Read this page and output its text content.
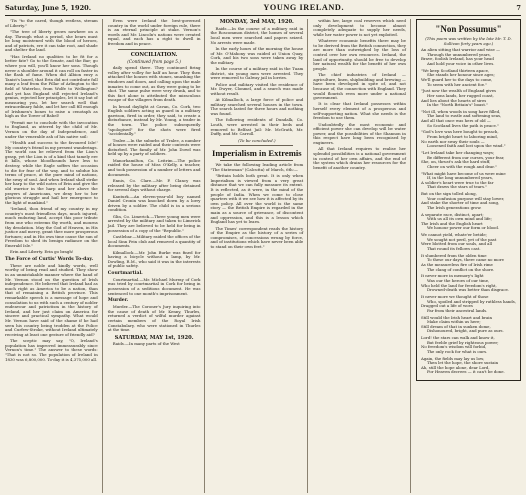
Saturday, June 5, 1920.	YOUNG IRELAND.	7

'Tis "to the cared, though restless, stream of Liberty."

"The tree of liberty grows nowhere on a day. Through what a period, she bears must be long moistened with the blood of heroes, and of patriots, ere it can take root, and shade and shelter the land.

"Has Ireland no qualities to be fit for a better fate? Go to the Senate, and the Bar; go where you will, you'll know her sons. Though never a shoulder around it can roll on faster in the flash of fame. When did Albion envy a Tanist's laurel, that Erin did not contribute full many a leaf from the Pillar of Arlington to the field of Waterloo, from Wolfe to Wellington? And yet has England still rejected Ireland's genius, rejected her principles, let it say but of measuring you, let her search well that extraordinary fable, and let her call fill enough of Irishmen's bones to raise a cenotaph as high as the Tower of Babel!

"Permit me to conclude with the invocation to England, as uttered by the child of Mr. Vernon on the day of Independence, and under the venerable ash of his native soil:

"'Health and success to the favoured Isle!' My country's friend in my present wanderings. The world can be relieved from the Lion's grasp, yet the Lion is of a kind that tamely ere it kills, whose bloodhounds have less to destroy, while the Eagle soffers the occasion to die for fear of the way, and to subdue his terms of peace, at the pure mind of nations, the sway of soul. And when Ireland shall strike her harp to the wild notes of Erin and give the old warrior in the harp and her above the prayers of Americans, we deny her to her glorious struggle and hail her emergence to the light of mankind."

"Ireland, thou friend of my country in my country's most friendless days, much injured, much enduring land, accept this poor tribute from one who esteems thy worth, and mourns thy desolation. May the God of Heaven, in His justice and mercy, grant thee more prosperous fortunes; and in His own time cause the sun of Freedom to shed its benign radiance on the Emerald Isle."

Erin and Liberty. Erin go bragh!

The Force of Curtis' Words To-day.

These are noble and kindly words, well worthy of being read and studied. They show in an unmistakable manner where the hand of Mr. Vernon stood on the question of Irish independence. He believed that Ireland had as much right as America to be a nation, than that of remaining a British province. This remarkable speech is a message of hope and consolation to us with such a century of nobler endeavour and patriotism in the history of Ireland, and her just claim on America for sincere and practical sympathy. What would Mr. Vernon have said of the shame if he had seen his country being trodden at the Police and Curfew-Stroke, without Ireland ultimately receiving at least one gesture of friendly aid?

The sceptic may say, "O, Ireland's population has improved immeasurably since Vernon's time." The answer to these words: "That is not so. The population of Ireland in 1830 was 6,800,000. To-day it is 4,375,000 all.

Even were Ireland the best-governed country in the world under foreign rule, there is an eternal principle at stake. Vernon's words and Mr. Lincoln's nations were created equal, and each has a right to dwell in freedom and in peace.

CONCILIATION.

(Continued from page 5.)

daily spend there. They continued firing volley after volley for half an hour. They then attacked the houses with stones, smashing the windows and doors, and calling upon the male inmates to come out, as they were going to be shot. The same pulse were very drunk, and to this fact alone is attributed the miraculous escape of the villagers from death.

In broad daylight at Cavan, Co. Cork, two English soldiers acting as guard in a military garrison, fired in order, they said, to create a disturbance, instead by Mr. Young, a trader in the town. The police subsequently "apologised" for the shots were fired "accidentally."

Tralee.—In the suburbs of Tralee, a number of houses were raided and their contents were disturbed. The family of Mr. John Dowd was held up by a party of soldiers.

Manorhamilton, Co. Leitrim.—The police raided the house of Miss O'Kelly, a teacher, and took possession of a number of letters and documents.

Ennis, Co. Clare.—Mr. P. Clancy was released by the military after being detained for several days without charge.

Kanturk.—An eleven-year-old boy named Daniel Cronin was knocked down by a lorry driven by a soldier. The child is in a serious condition.

Glin, Co. Limerick.—Three young men were arrested by the military and taken to Limerick Jail. They are believed to be held for being in possession of a copy of the "Republic."

Castlebar.—Military raided the offices of the local Sinn Fein club and removed a quantity of documents.

Kilmallock.—Mr. John Burke was fined for having a bicycle without a lamp, by Mr. Dowling, R.M., who said it was in the interests of public safety.

Courtmartial.

Courtmartial.—Mr. Michael Murray of Cork was tried by courtmartial in Cork for being in possession of a seditious document. He was sentenced to one month's imprisonment.

Murder.

Murder.—The Coroner's Jury inquiring into the cause of death of Mr. Kenny, Thurles, returned a verdict of wilful murder against certain members of the Royal Irish Constabulary, who were stationed in Thurles at the time.

SATURDAY, MAY 1st, 1920.

Raids.—In many parts of the West

MONDAY, 3rd MAY, 1920.

Raids.—In the course of a military raid in the Roscommon district, the homes of several local men were searched and papers seized. No arrests were made.

In the early hours of the morning the house of Mr. O'Mahony was raided at Union Quay, Cork, and his two sons were taken away by the military.

In the course of a military raid in the Tuam district, six young men were arrested. They were removed to Galway jail in lorries.

Police and military visited the residence of Mr. Dwyer, Clonmel, and a search was made without result.

At Kilmallock, a large force of police and military searched several houses in the town. The search lasted for three hours and nothing was found.

The following residents of Dundalk, Co. Louth, were arrested in their beds and removed to Belfast Jail: Mr. McGrath, Mr. Duffy, and Mr. Carroll.

(To be concluded.)

Imperialism in Extremis

We take the following leading article from "The Statesman" (Calcutta) of March, 6th:—

"Britain holds both great. It is only when Imperialism is viewed from a very great distance that we can fully measure its extent. It is reflected, as it were, in the mind of the people of India. When we come to close quarters with it we see how it is affected by its own policy. All over the world is the same story — the British Empire is regarded in the main as a source of grievance, of discontent and oppression, and this is a lesson which England has yet to learn.

The Times' correspondent reads the history of the Empire as the history of a series of compromises, of concessions wrung by force, and of institutions which have never been able to stand on their own feet."

within her, large coal reserves which need only development to become almost completely adequate to supply her needs, while her water power is not yet exploited.

Whatever economic benefits there may be to be derived from the British connection, they are more than outweighed by the loss of control over her own resources. Ireland, the land of opportunity, should be free to develop her natural wealth for the benefit of her own people.

The chief industries of Ireland — agriculture, linen, shipbuilding and brewing — have been developed in spite of, and not because of, the connection with England. They would flourish even more under a national government.

It is clear that Ireland possesses within herself every element of a prosperous and self-supporting nation. What she needs is the freedom to use them.

Undoubtedly the most economic and efficient power she can develop will be water power, and the possibilities of the Shannon in this respect have long been recognised by engineers.

All that Ireland requires to realise her splendid possibilities is a national government in control of her own affairs, and the end of the system which drains her resources for the benefit of another country.

"Non Possumus"
(This poem was written by the late Mr. T. D. Sullivan forty years ago.)
An alien sitting that warrior and wise —
Through the unnumbered years,
Brave, foolish Ireland, has your head
And hold your voice in other lives.
"We keep Scotland thirteen apace,
She stands her honour since ages;
We'll guard her to the days to come,
To seem with her ancient foe."
"Just now the wealth of England gives
Her sons lands, her rugged coast,
And lies about the hearts of sires
In the "North Britain's" boast."
"Not ill, when woods in song have filled,
The land to rustle and softening seas,
And all that once was hers of old —
So Scotland lives the path is peace."
"God's love was here bought to preach,
From bright heart to laboring mind,
No earth nor sway their souls —
Loosened faith and lost upon the wind."
"Let Ireland take her changing ways;
Be different from our curses, your fear,
She, on, thrust's ask the hard stuff,
Cheer on with the rough and dear."
"What might have become of us were mine
If, in the long unnumbered years,
A soldier's heart were true to the far
That draws the stars of tears."
But on the sign tolled along,
Your confusion purpose will stay lower,
And stake the shorter of time and song,
The Irish generations grow.
A separate race, distinct, apart;
With us all its own mind and life;
The Irish and the English heart
We honour power our form or blood.
We cannot yield, whate'er betide;
We sought not peril, yet of the past
Were blotted from our souls, and all
That round its fellows cast.
It slumbered from the olden time
To these our days, there came no more
As the measureless fire of Irish rime
The clang of conflict on the shore.
It never more in memory's light
Was our the heroes of our time,
Who held the land for freedom's right,
Drowned-death was better than disgrace.
It never more we thought of those
Who, spoiled and stripped by ruthless hands,
Dragged out a life of woes
Far from their ancestral lands.
Still would the Irish heart and brain
Make claim within us here;
Still dream of that in sunken dome,
Dishonoured, bright, and pure as ours.
Lord! the stars can walk and know it,
But feeble grief by righteous power;
No freedom's wisdom will forbid,
The only rock for what is ours.
Again, the fields may lay us low,
Then let the hope, the shore sustain
Ah, still the hope alone, dear Lord,
For Heaven decrees — it can't be done.
